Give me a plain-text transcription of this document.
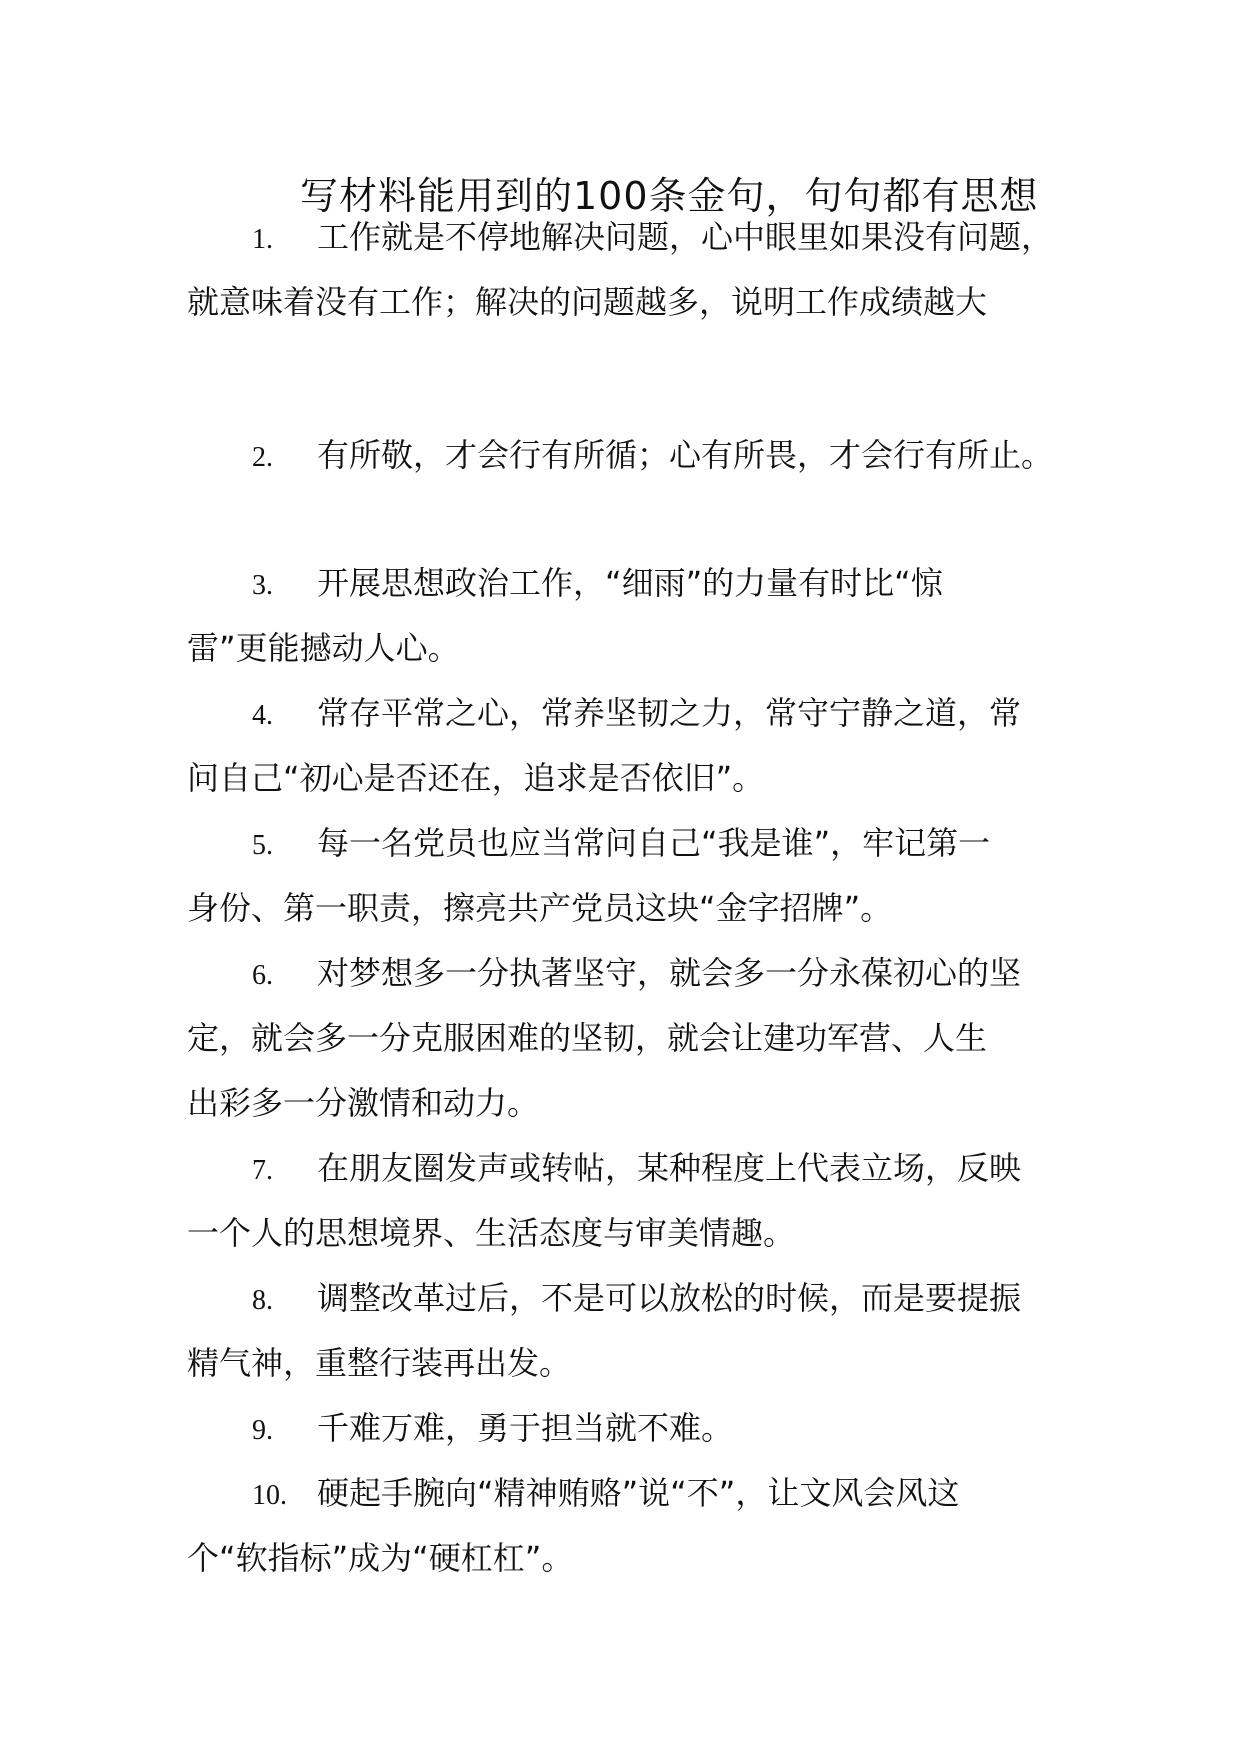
写材料能用到的100条金句，句句都有思想
1. 工作就是不停地解决问题，心中眼里如果没有问题，
就意味着没有工作；解决的问题越多，说明工作成绩越大
2. 有所敬，才会行有所循；心有所畏，才会行有所止。
3. 开展思想政治工作，“细雨”的力量有时比“惊
雷”更能撼动人心。
4. 常存平常之心，常养坚韧之力，常守宁静之道，常
问自己“初心是否还在，追求是否依旧”。
5. 每一名党员也应当常问自己“我是谁”，牢记第一
身份、第一职责，擦亮共产党员这块“金字招牌”。
6. 对梦想多一分执著坚守，就会多一分永葆初心的坚
定，就会多一分克服困难的坚韧，就会让建功军营、人生
出彩多一分激情和动力。
7. 在朋友圈发声或转帖，某种程度上代表立场，反映
一个人的思想境界、生活态度与审美情趣。
8. 调整改革过后，不是可以放松的时候，而是要提振
精气神，重整行装再出发。
9. 千难万难，勇于担当就不难。
10. 硬起手腕向“精神贿赂”说“不”，让文风会风这
个“软指标”成为“硬杠杠”。
